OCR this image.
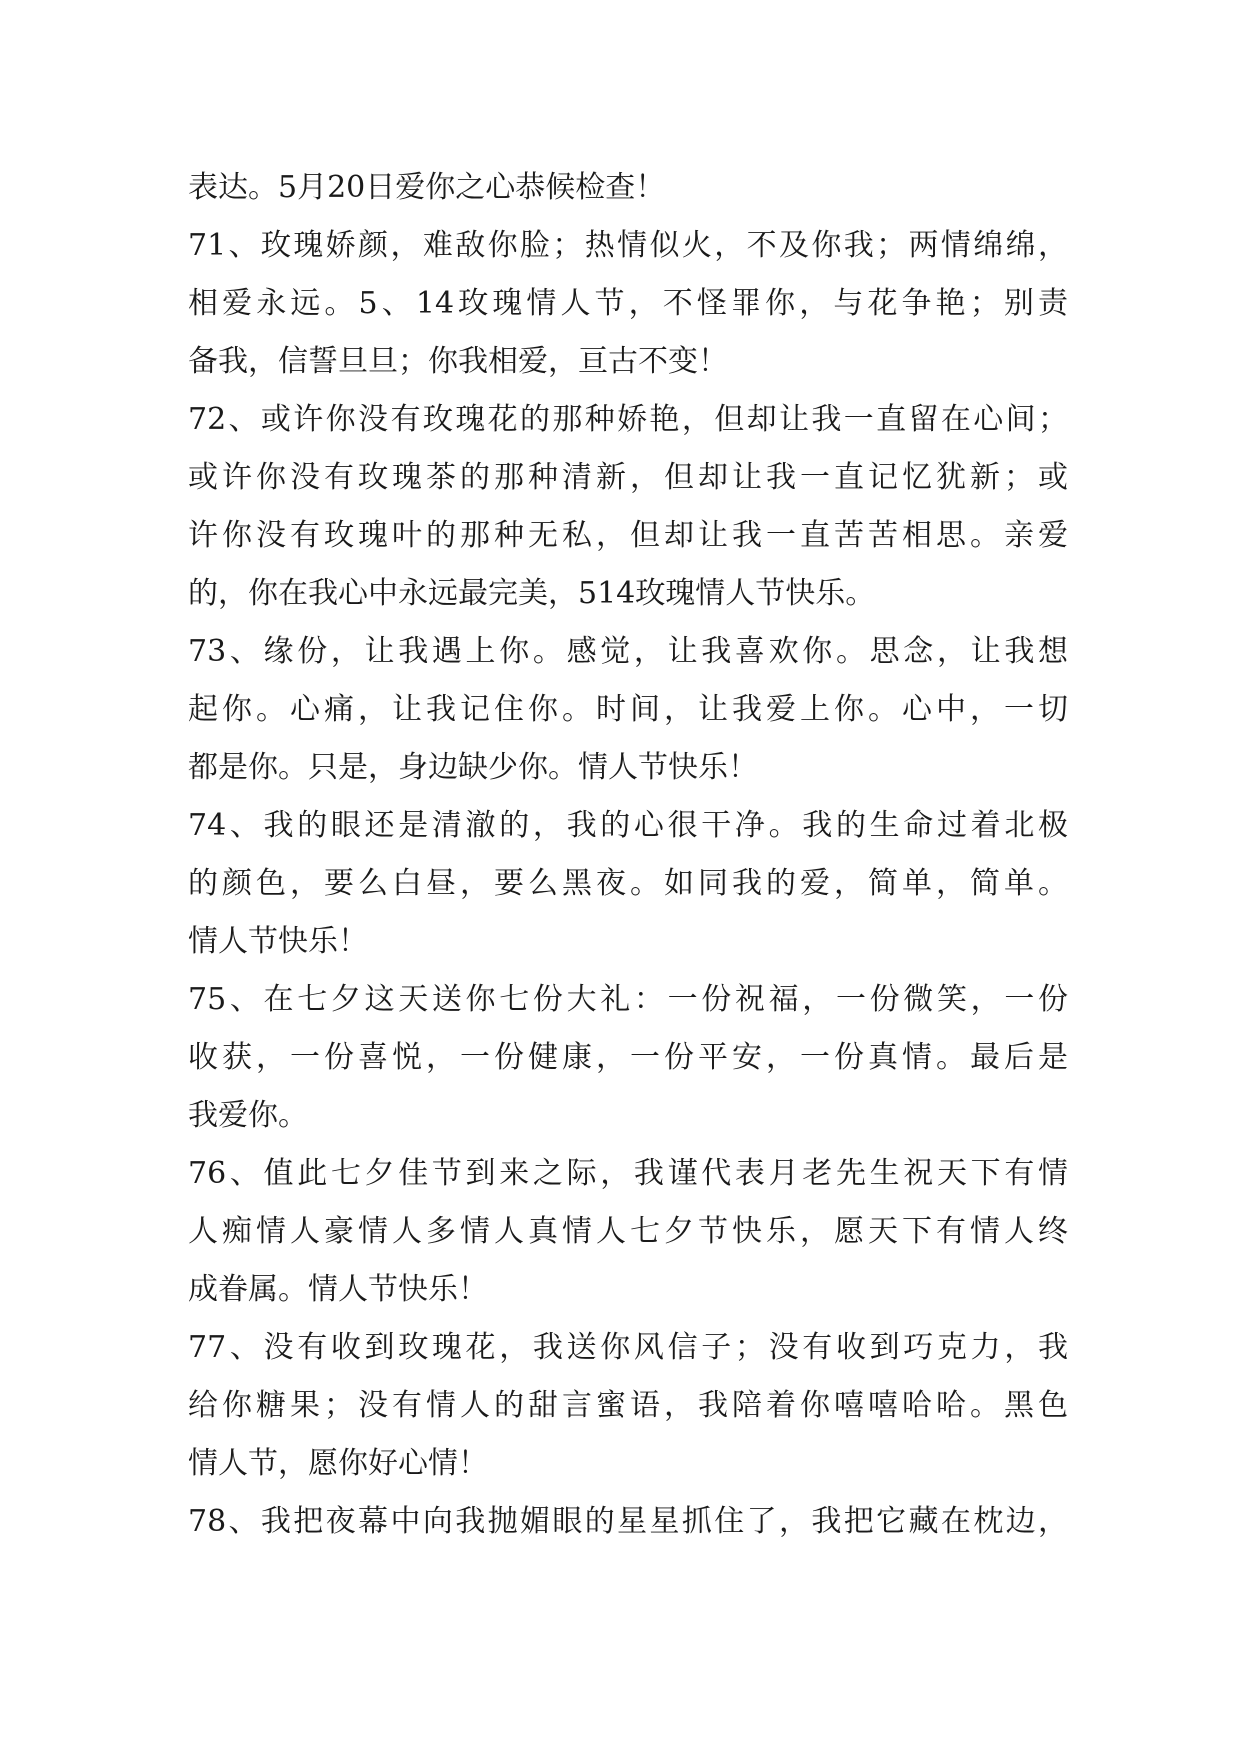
表达。5月20日爱你之心恭候检查！

71、玫瑰娇颜，难敌你脸；热情似火，不及你我；两情绵绵，

相爱永远。5、14玫瑰情人节，不怪罪你，与花争艳；别责

备我，信誓旦旦；你我相爱，亘古不变！

72、或许你没有玫瑰花的那种娇艳，但却让我一直留在心间；

或许你没有玫瑰茶的那种清新，但却让我一直记忆犹新；或

许你没有玫瑰叶的那种无私，但却让我一直苦苦相思。亲爱

的，你在我心中永远最完美，514玫瑰情人节快乐。

73、缘份，让我遇上你。感觉，让我喜欢你。思念，让我想

起你。心痛，让我记住你。时间，让我爱上你。心中，一切

都是你。只是，身边缺少你。情人节快乐！

74、我的眼还是清澈的，我的心很干净。我的生命过着北极

的颜色，要么白昼，要么黑夜。如同我的爱，简单，简单。

情人节快乐！

75、在七夕这天送你七份大礼：一份祝福，一份微笑，一份

收获，一份喜悦，一份健康，一份平安，一份真情。最后是

我爱你。

76、值此七夕佳节到来之际，我谨代表月老先生祝天下有情

人痴情人豪情人多情人真情人七夕节快乐，愿天下有情人终

成眷属。情人节快乐！

77、没有收到玫瑰花，我送你风信子；没有收到巧克力，我

给你糖果；没有情人的甜言蜜语，我陪着你嘻嘻哈哈。黑色

情人节，愿你好心情！

78、我把夜幕中向我抛媚眼的星星抓住了，我把它藏在枕边，
